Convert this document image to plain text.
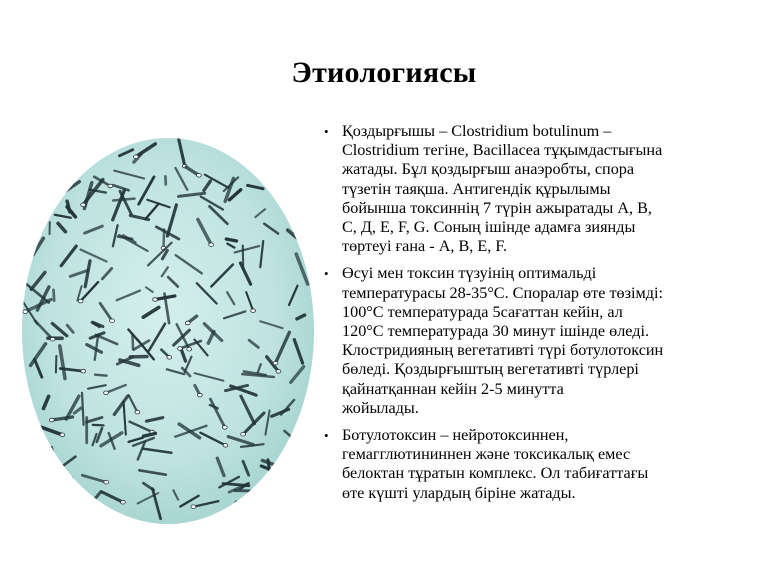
Этиологиясы
• Қоздырғышы – Clostridium botulinum –
Clostridium тегіне, Bacillacea тұқымдастығына
жатады. Бұл қоздырғыш анаэробты, спора
түзетін таяқша. Антигендік құрылымы
бойынша токсиннің 7 түрін ажыратады А, В,
С, Д, Е, F, G. Соның ішінде адамға зиянды
төртеуі ғана - А, В, Е, F.
• Өсуі мен токсин түзуінің оптимальді
температурасы 28-35°С. Споралар өте төзімді:
100°С температурада 5сағаттан кейін, ал
120°С температурада 30 минут ішінде өледі.
Клостридияның вегетативті түрі ботулотоксин
бөледі. Қоздырғыштың вегетативті түрлері
қайнатқаннан кейін 2-5 минутта
жойылады.
• Ботулотоксин – нейротоксиннен,
гемагглютининнен және токсикалық емес
белоктан тұратын комплекс. Ол табиғаттағы
өте күшті улардың біріне жатады.
